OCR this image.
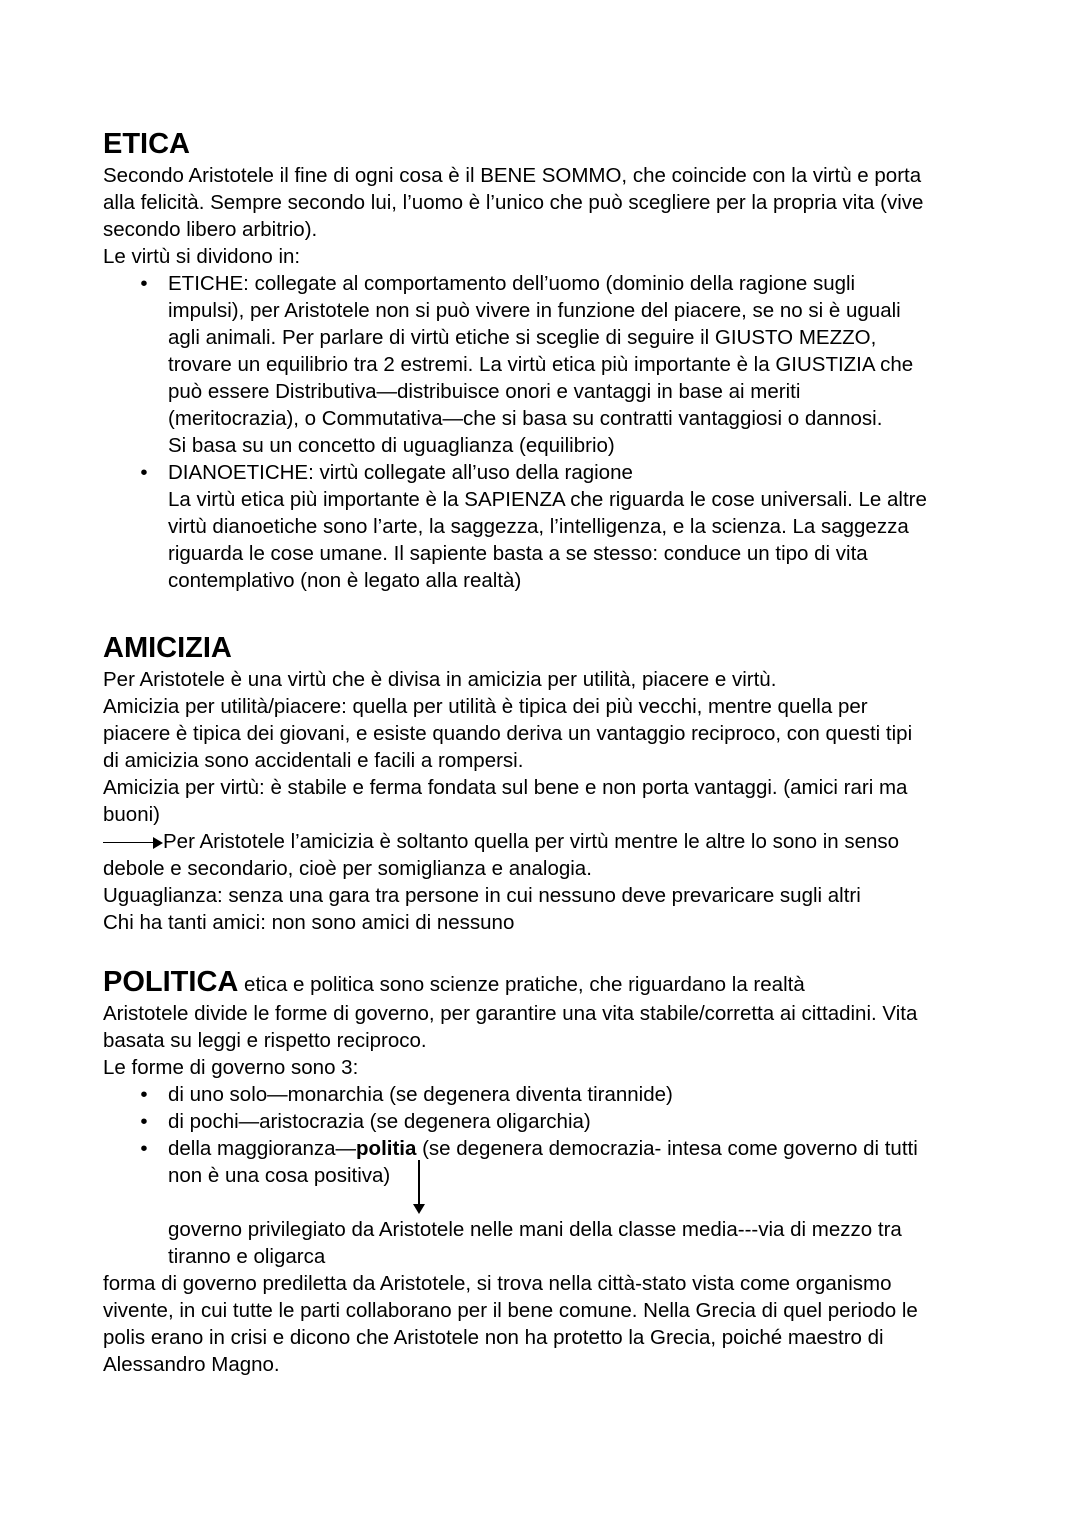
ETICA

Secondo Aristotele il fine di ogni cosa è il BENE SOMMO, che coincide con la virtù e porta

alla felicità. Sempre secondo lui, l’uomo è l’unico che può scegliere per la propria vita (vive

secondo libero arbitrio).

Le virtù si dividono in:

• ETICHE: collegate al comportamento dell’uomo (dominio della ragione sugli

impulsi), per Aristotele non si può vivere in funzione del piacere, se no si è uguali

agli animali. Per parlare di virtù etiche si sceglie di seguire il GIUSTO MEZZO,

trovare un equilibrio tra 2 estremi. La virtù etica più importante è la GIUSTIZIA che

può essere Distributiva—distribuisce onori e vantaggi in base ai meriti

(meritocrazia), o Commutativa—che si basa su contratti vantaggiosi o dannosi.

Si basa su un concetto di uguaglianza (equilibrio)

• DIANOETICHE: virtù collegate all’uso della ragione

La virtù etica più importante è la SAPIENZA che riguarda le cose universali. Le altre

virtù dianoetiche sono l’arte, la saggezza, l’intelligenza, e la scienza. La saggezza

riguarda le cose umane. Il sapiente basta a se stesso: conduce un tipo di vita

contemplativo (non è legato alla realtà)

AMICIZIA

Per Aristotele è una virtù che è divisa in amicizia per utilità, piacere e virtù.

Amicizia per utilità/piacere: quella per utilità è tipica dei più vecchi, mentre quella per

piacere è tipica dei giovani, e esiste quando deriva un vantaggio reciproco, con questi tipi

di amicizia sono accidentali e facili a rompersi.

Amicizia per virtù: è stabile e ferma fondata sul bene e non porta vantaggi. (amici rari ma

buoni)

Per Aristotele l’amicizia è soltanto quella per virtù mentre le altre lo sono in senso

debole e secondario, cioè per somiglianza e analogia.

Uguaglianza: senza una gara tra persone in cui nessuno deve prevaricare sugli altri

Chi ha tanti amici: non sono amici di nessuno

POLITICA etica e politica sono scienze pratiche, che riguardano la realtà

Aristotele divide le forme di governo, per garantire una vita stabile/corretta ai cittadini. Vita

basata su leggi e rispetto reciproco.

Le forme di governo sono 3:

• di uno solo—monarchia (se degenera diventa tirannide)

• di pochi—aristocrazia (se degenera oligarchia)

• della maggioranza—politia (se degenera democrazia- intesa come governo di tutti

non è una cosa positiva)

governo privilegiato da Aristotele nelle mani della classe media---via di mezzo tra

tiranno e oligarca

forma di governo prediletta da Aristotele, si trova nella città-stato vista come organismo

vivente, in cui tutte le parti collaborano per il bene comune. Nella Grecia di quel periodo le

polis erano in crisi e dicono che Aristotele non ha protetto la Grecia, poiché maestro di

Alessandro Magno.
